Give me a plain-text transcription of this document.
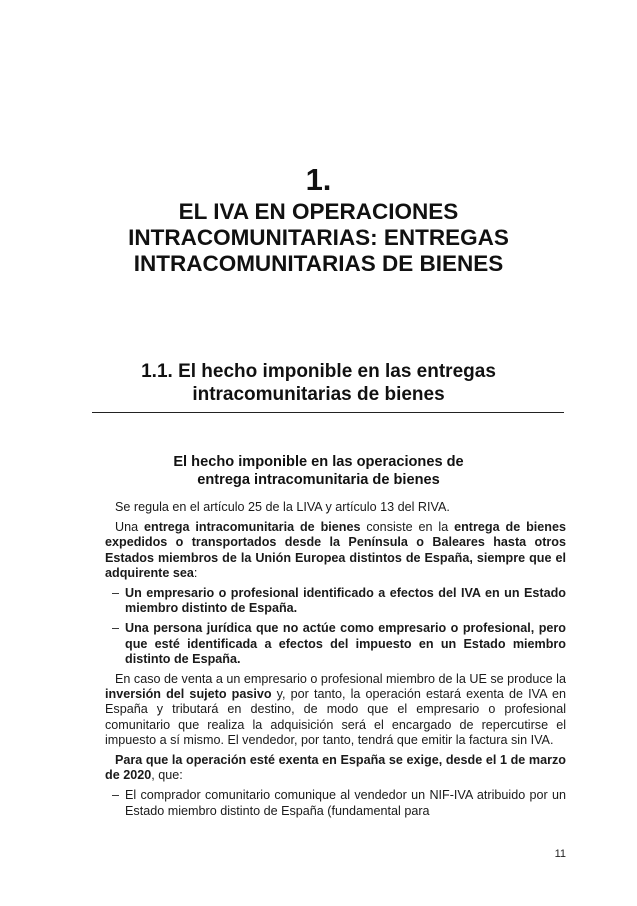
1.
EL IVA EN OPERACIONES
INTRACOMUNITARIAS: ENTREGAS
INTRACOMUNITARIAS DE BIENES
1.1. El hecho imponible en las entregas
intracomunitarias de bienes
El hecho imponible en las operaciones de
entrega intracomunitaria de bienes

Se regula en el artículo 25 de la LIVA y artículo 13 del RIVA.

Una entrega intracomunitaria de bienes consiste en la entrega de bienes expedidos o transportados desde la Península o Baleares hasta otros Estados miembros de la Unión Europea distintos de España, siempre que el adquirente sea:

– Un empresario o profesional identificado a efectos del IVA en un Estado miembro distinto de España.
– Una persona jurídica que no actúe como empresario o profesional, pero que esté identificada a efectos del impuesto en un Estado miembro distinto de España.

En caso de venta a un empresario o profesional miembro de la UE se produce la inversión del sujeto pasivo y, por tanto, la operación estará exenta de IVA en España y tributará en destino, de modo que el empresario o profesional comunitario que realiza la adquisición será el encargado de repercutirse el impuesto a sí mismo. El vendedor, por tanto, tendrá que emitir la factura sin IVA.

Para que la operación esté exenta en España se exige, desde el 1 de marzo de 2020, que:

– El comprador comunitario comunique al vendedor un NIF-IVA atribuido por un Estado miembro distinto de España (fundamental para
11
